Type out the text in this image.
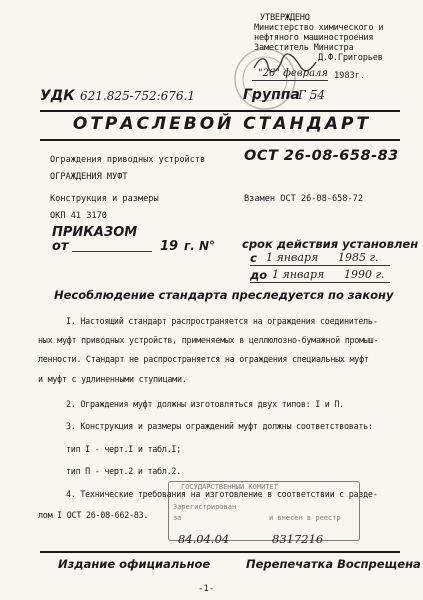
УТВЕРЖДЕНО
Министерство химического и
нефтяного машиностроения
Заместитель Министра
Д.Ф.Григорьев
"26" февраля 1983г.
УДК 621.825-752:676.1	Группа
Г 54
ОТРАСЛЕВОЙ СТАНДАРТ
Ограждения приводных устройств
ОГРАЖДЕНИЯ МУФТ
Конструкция и размеры
ОКП 41 3170
ОСТ 26-08-658-83
Взамен ОСТ 26-08-658-72
ПРИКАЗОМ
от	19 г. N° срок действия установлен
с 1 января 1985 г.
до 1 января 1990 г.
Несоблюдение стандарта преследуется по закону
I. Настоящий стандарт распространяется на ограждения соединитель-
ных муфт приводных устройств, применяемых в целлюлозно-бумажной промыш-
ленности. Стандарт не распространяется на ограждения специальных муфт
и муфт с удлиненными ступицами.
2. Ограждения муфт должны изготовляться двух типов: I и П.
3. Конструкция и размеры ограждений муфт должны соответствовать:
тип I - черт.I и табл.I;
тип П - черт.2 и табл.2.
4. Технические требования на изготовление в соответствии с разде-
лом I ОСТ 26-08-662-83.
ГОСУДАРСТВЕННЫЙ КОМИТЕТ
Зарегистрирован
и внесен в реестр
за
84.04.04	8317216
Издание официальное	Перепечатка Воспрещена
-1-
